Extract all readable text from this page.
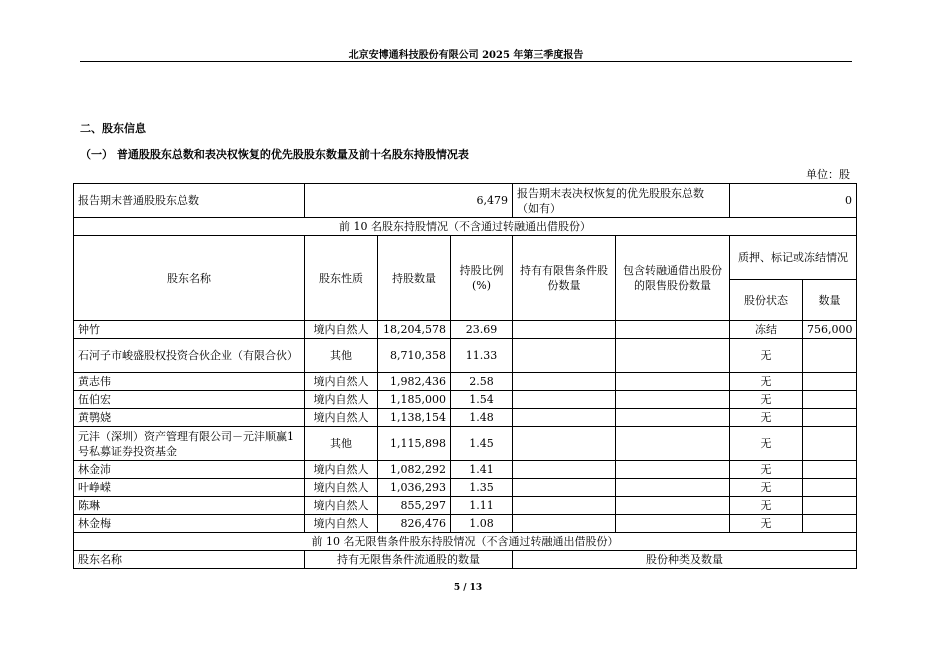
北京安博通科技股份有限公司 2025 年第三季度报告
二、股东信息
（一） 普通股股东总数和表决权恢复的优先股股东数量及前十名股东持股情况表
单位：股
报告期末普通股股东总数	6,479			报告期末表决权恢复的优先股股东总数（如有）		0	
前 10 名股东持股情况（不含通过转融通出借股份）							
股东名称	股东性质	持股数量	持股比例(%)	持有有限售条件股份数量	包含转融通借出股份的限售股份数量	质押、标记或冻结情况	
						股份状态	数量
钟竹	境内自然人	18,204,578	23.69			冻结	756,000
石河子市峻盛股权投资合伙企业（有限合伙）	其他	8,710,358	11.33			无	
黄志伟	境内自然人	1,982,436	2.58			无	
伍伯宏	境内自然人	1,185,000	1.54			无	
黄鹗娆	境内自然人	1,138,154	1.48			无	
元沣（深圳）资产管理有限公司－元沣顺赢1 号私募证券投资基金	其他	1,115,898	1.45			无	
林金沛	境内自然人	1,082,292	1.41			无	
叶峥嵘	境内自然人	1,036,293	1.35			无	
陈琳	境内自然人	855,297	1.11			无	
林金梅	境内自然人	826,476	1.08			无	
前 10 名无限售条件股东持股情况（不含通过转融通出借股份）							
股东名称	持有无限售条件流通股的数量			股份种类及数量			
5 / 13
